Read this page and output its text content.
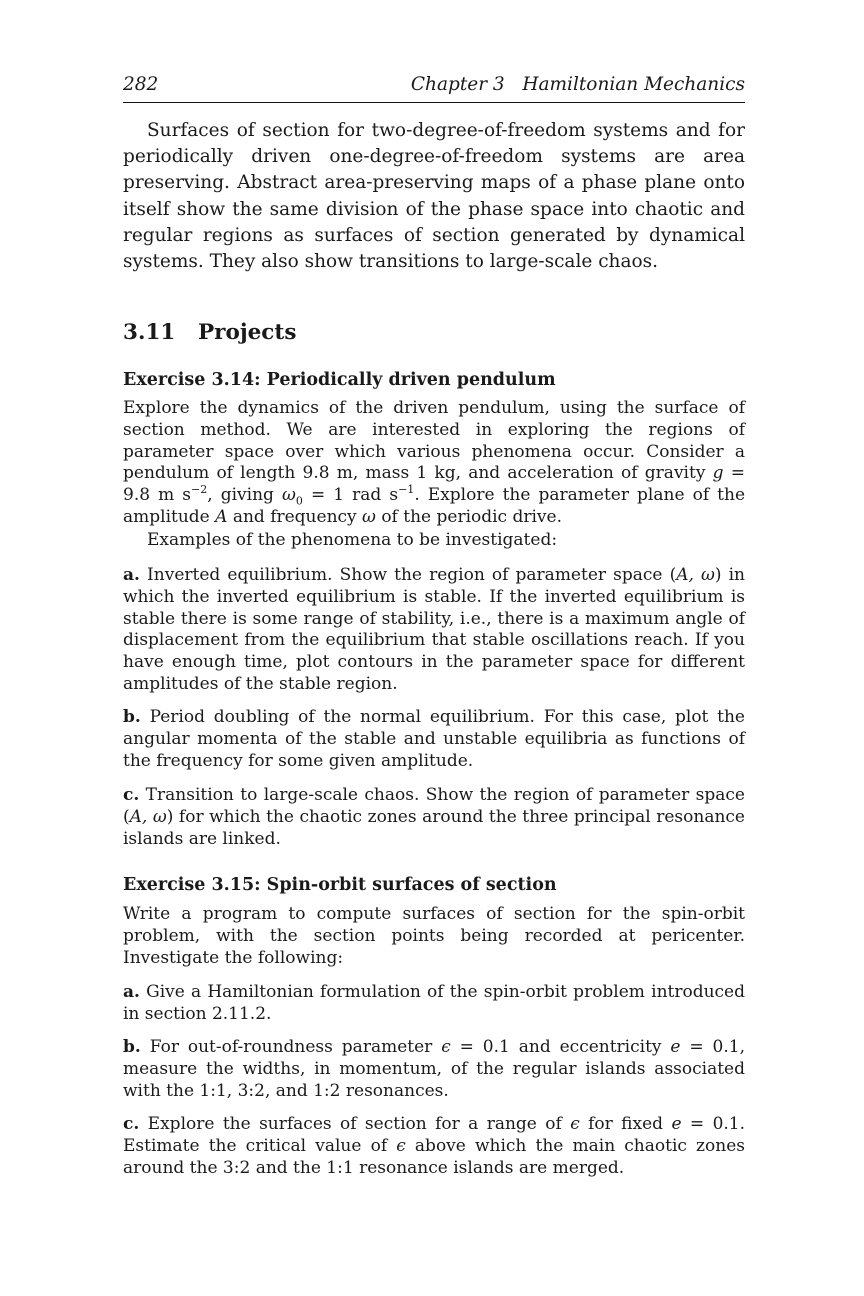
282	Chapter 3   Hamiltonian Mechanics

Surfaces of section for two-degree-of-freedom systems and for periodically driven one-degree-of-freedom systems are area preserving. Abstract area-preserving maps of a phase plane onto itself show the same division of the phase space into chaotic and regular regions as surfaces of section generated by dynamical systems. They also show transitions to large-scale chaos.

3.11 Projects
Exercise 3.14: Periodically driven pendulum

Explore the dynamics of the driven pendulum, using the surface of section method. We are interested in exploring the regions of parameter space over which various phenomena occur. Consider a pendulum of length 9.8 m, mass 1 kg, and acceleration of gravity g = 9.8 m $s^{-2}$, giving $\omega_0 = 1$ rad $s^{-1}$. Explore the parameter plane of the amplitude A and frequency ω of the periodic drive.

Examples of the phenomena to be investigated:

a. Inverted equilibrium. Show the region of parameter space (A, ω) in which the inverted equilibrium is stable. If the inverted equilibrium is stable there is some range of stability, i.e., there is a maximum angle of displacement from the equilibrium that stable oscillations reach. If you have enough time, plot contours in the parameter space for different amplitudes of the stable region.

b. Period doubling of the normal equilibrium. For this case, plot the angular momenta of the stable and unstable equilibria as functions of the frequency for some given amplitude.

c. Transition to large-scale chaos. Show the region of parameter space (A, ω) for which the chaotic zones around the three principal resonance islands are linked.

Exercise 3.15: Spin-orbit surfaces of section

Write a program to compute surfaces of section for the spin-orbit problem, with the section points being recorded at pericenter. Investigate the following:

a. Give a Hamiltonian formulation of the spin-orbit problem introduced in section 2.11.2.

b. For out-of-roundness parameter ϵ = 0.1 and eccentricity e = 0.1, measure the widths, in momentum, of the regular islands associated with the 1:1, 3:2, and 1:2 resonances.

c. Explore the surfaces of section for a range of ϵ for fixed e = 0.1. Estimate the critical value of ϵ above which the main chaotic zones around the 3:2 and the 1:1 resonance islands are merged.
